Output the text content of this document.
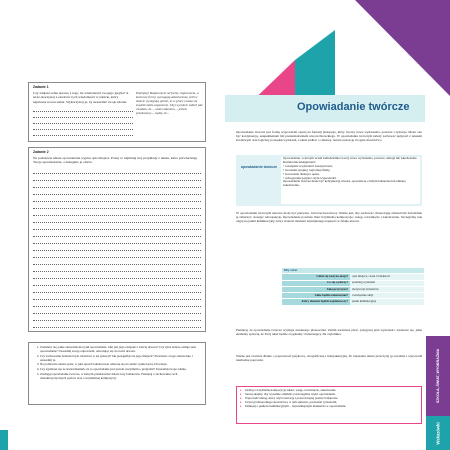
Zadanie 1
Czy zdajesz sobie sprawę z tego, ile wiadomości swojego języka? A teraz skorzystaj z zasobów tych wiadomości w tekście, który napiszesz na ten temat. Wykorzystaj je, by uzasadnić swoje zdanie.
Pamiętaj! Rozpoczęcie od formy rozpoczęcia, a końcowe formy wymagają zakończenia, jeśli w tekście występują opinie, to w pracy muszą się znaleźć także argumenty. Użyj wyrażeń, takich jak: uważam, że..., moim zdaniem..., jestem przekonany..., sądzę, że...
Zadanie 2
Na podstawie tekstu opowiadania wypisz opis miejsca. Podaj co najmniej trzy przykłady z tekstu, które potwierdzają Twoje spostrzeżenia, a następnie je omów.
1. Zastanów się, jakie znaczenie ma tytuł opowiadania. Jaki jest jego związek z treścią utworu? Czy tytuł dobrze oddaje sens opowiadania? Uzasadnij swoją odpowiedź, odwołując się do treści utworu.
2. Czy zachowanie bohatera było właściwe w tej sytuacji? Jak postąpiłbyś na jego miejscu? Przedstaw swoje stanowisko i uzasadnij je.
3. Na podstawie tekstu opisz, w jaki sposób bohaterowie odnoszą się do siebie i jakie łączą ich relacje.
4. Czy zgadzasz się ze stwierdzeniem, że to opowiadanie jest przede wszystkim o przyjaźni? Uzasadnij swoje zdanie.
5. Zredaguj opowiadanie twórcze, w którym przedstawisz dalsze losy bohaterów. Pamiętaj o zachowaniu cech charakterystycznych postaci oraz o trójdzielnej kompozycji.
Opowiadanie twórcze
Opowiadanie twórcze jest formą wypowiedzi opartą na fantazji piszącego, który tworzy nowe wydarzenia, postacie i sytuacje. Może ono być kontynuacją, uzupełnieniem lub przekształceniem utworu literackiego. W opowiadaniu twórczym należy zachować spójność z tekstem źródłowym oraz logiczny porządek wydarzeń, a także zadbać o ciekawą, barwną narrację i bogate słownictwo.
opowiadanie twórcze
Opowiadanie, w którym uczeń samodzielnie tworzy nowe wydarzenia, postacie, dialogi lub zakończenie.
Kształcenie umiejętności:
• rozwijanie wyobraźni i kreatywności,
• tworzenie spójnej, logicznej fabuły,
• stosowanie dialogu i opisu,
• wzbogacanie języka i stylu wypowiedzi.
Opowiadanie twórcze może być kontynuacją utworu, opowieścią o innym bohaterze lub zmianą zakończenia.
W opowiadaniu twórczym narrator może być pierwszo- lub trzecioosobowy. Ważne jest, aby zachować chronologię zdarzeń lub świadomie ją zaburzyć, stosując retrospekcję. Opowiadanie powinno mieć trójdzielną kompozycję: wstęp, rozwinięcie i zakończenie. Szczególną rolę odgrywa punkt kulminacyjny, który stanowi moment największego napięcia w fabule utworu.
Mój szkic	
Gdzie się zaczyna akcja?	opis miejsca, czasu i bohaterów
Co się wydarzy?	przebieg wydarzeń
Jaka przyczyna?	motywacja bohaterów
Jakie będzie zakończenie?	rozwiązanie akcji
Który element będzie najciekawszy?	punkt kulminacyjny
Pamiętaj, że opowiadanie twórcze wymaga starannego planowania. Zanim zaczniesz pisać, przygotuj plan wydarzeń i zastanów się, jakie elementy sprawią, że Twój tekst będzie oryginalny i interesujący dla czytelnika.
Ważne jest również dbanie o poprawność językową, ortograficzną i interpunkcyjną. Po napisaniu tekstu przeczytaj go uważnie i wprowadź niezbędne poprawki.
▸ Zadbaj o trójdzielną kompozycję tekstu: wstęp, rozwinięcie, zakończenie.
▸ Stosuj akapity, aby wyraźnie oddzielić poszczególne części opowiadania.
▸ Wprowadź dialog, który ożywi narrację i pozwoli lepiej poznać bohaterów.
▸ Używaj różnorodnego słownictwa, w tym epitetów, porównań i przenośni.
▸ Pamiętaj o punkcie kulminacyjnym – najważniejszym momencie w opowiadaniu.
SZKOŁA, ŚWIAT, WYOBRAŹNIA
Wskazówki
